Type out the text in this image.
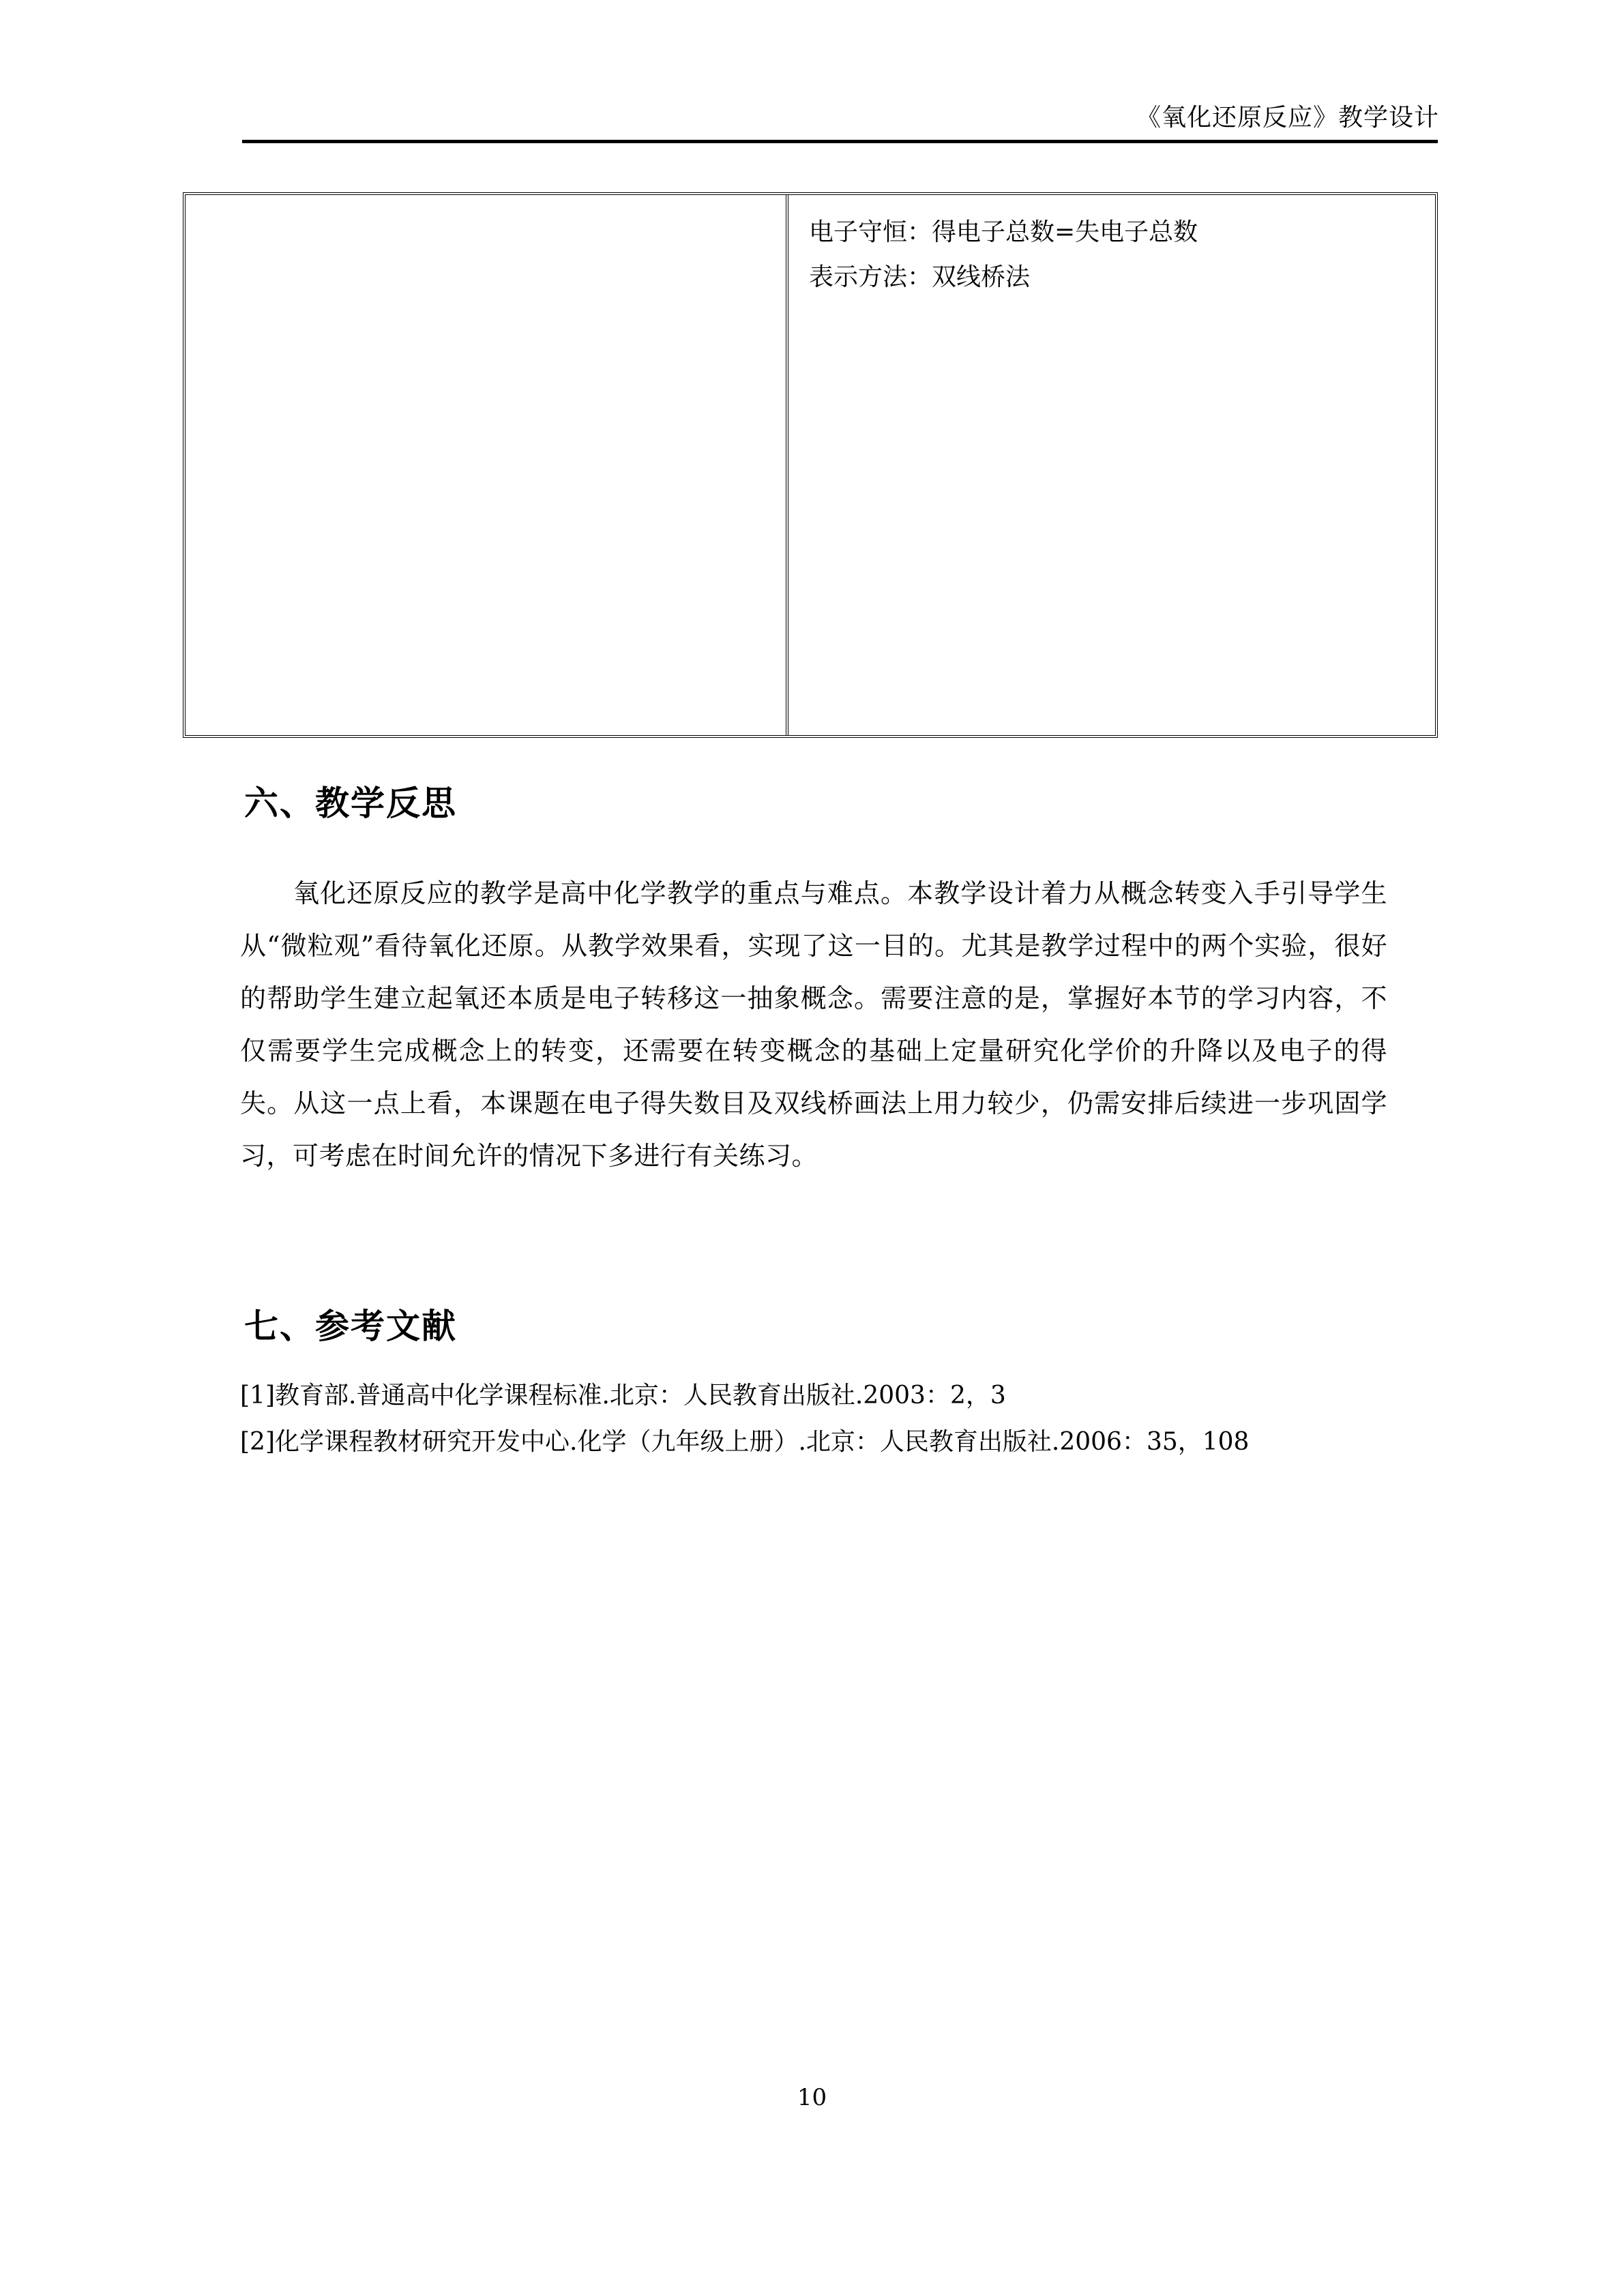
《氧化还原反应》教学设计
电子守恒：得电子总数=失电子总数
表示方法：双线桥法
六、教学反思
氧化还原反应的教学是高中化学教学的重点与难点。本教学设计着力从概念转变入手引导学生从“微粒观”看待氧化还原。从教学效果看，实现了这一目的。尤其是教学过程中的两个实验，很好的帮助学生建立起氧还本质是电子转移这一抽象概念。需要注意的是，掌握好本节的学习内容，不仅需要学生完成概念上的转变，还需要在转变概念的基础上定量研究化学价的升降以及电子的得失。从这一点上看，本课题在电子得失数目及双线桥画法上用力较少，仍需安排后续进一步巩固学习，可考虑在时间允许的情况下多进行有关练习。
七、参考文献
[1]教育部.普通高中化学课程标准.北京：人民教育出版社.2003：2，3
[2]化学课程教材研究开发中心.化学（九年级上册）.北京：人民教育出版社.2006：35，108
10
